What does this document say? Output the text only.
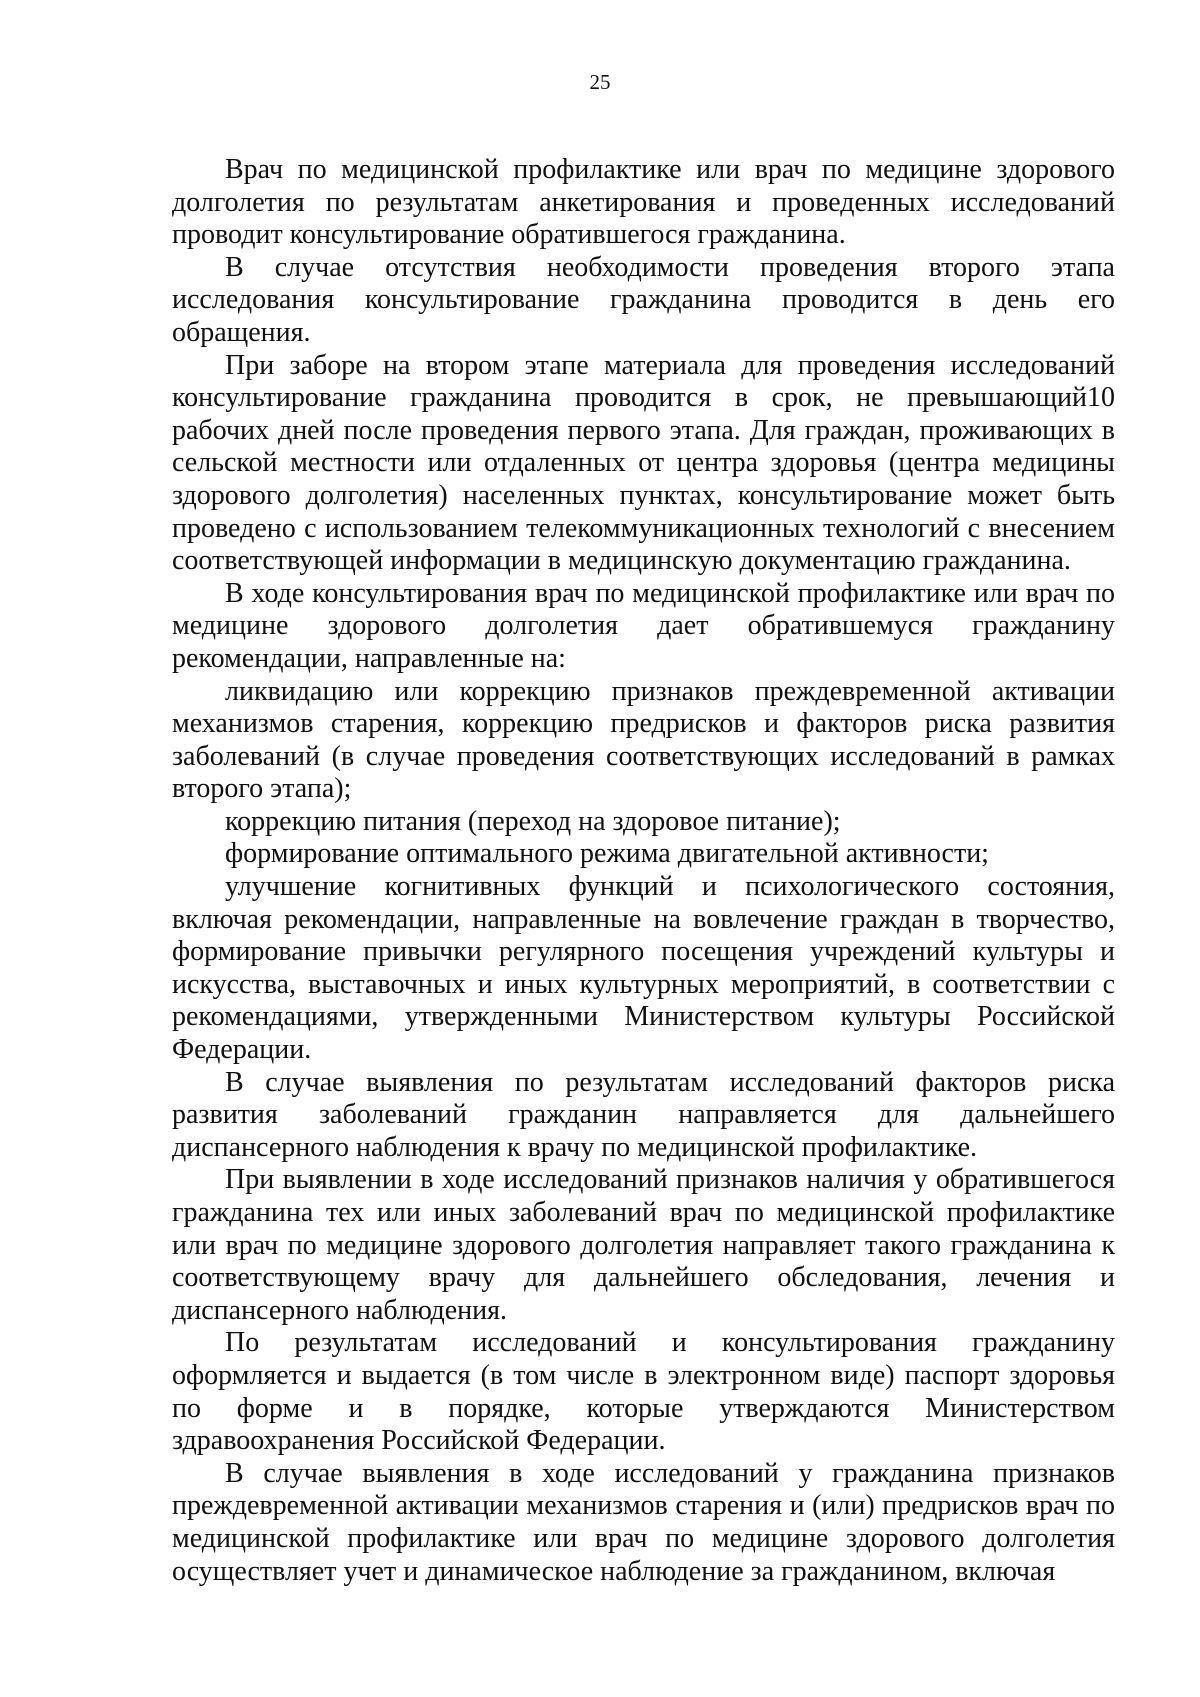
25

Врач по медицинской профилактике или врач по медицине здорового долголетия по результатам анкетирования и проведенных исследований проводит консультирование обратившегося гражданина.

В случае отсутствия необходимости проведения второго этапа исследования консультирование гражданина проводится в день его обращения.

При заборе на втором этапе материала для проведения исследований консультирование гражданина проводится в срок, не превышающий10 рабочих дней после проведения первого этапа. Для граждан, проживающих в сельской местности или отдаленных от центра здоровья (центра медицины здорового долголетия) населенных пунктах, консультирование может быть проведено с использованием телекоммуникационных технологий с внесением соответствующей информации в медицинскую документацию гражданина.

В ходе консультирования врач по медицинской профилактике или врач по медицине здорового долголетия дает обратившемуся гражданину рекомендации, направленные на:

ликвидацию или коррекцию признаков преждевременной активации механизмов старения, коррекцию предрисков и факторов риска развития заболеваний (в случае проведения соответствующих исследований в рамках второго этапа);

коррекцию питания (переход на здоровое питание);

формирование оптимального режима двигательной активности;

улучшение когнитивных функций и психологического состояния, включая рекомендации, направленные на вовлечение граждан в творчество, формирование привычки регулярного посещения учреждений культуры и искусства, выставочных и иных культурных мероприятий, в соответствии с рекомендациями, утвержденными Министерством культуры Российской Федерации.

В случае выявления по результатам исследований факторов риска развития заболеваний гражданин направляется для дальнейшего диспансерного наблюдения к врачу по медицинской профилактике.

При выявлении в ходе исследований признаков наличия у обратившегося гражданина тех или иных заболеваний врач по медицинской профилактике или врач по медицине здорового долголетия направляет такого гражданина к соответствующему врачу для дальнейшего обследования, лечения и диспансерного наблюдения.

По результатам исследований и консультирования гражданину оформляется и выдается (в том числе в электронном виде) паспорт здоровья по форме и в порядке, которые утверждаются Министерством здравоохранения Российской Федерации.

В случае выявления в ходе исследований у гражданина признаков преждевременной активации механизмов старения и (или) предрисков врач по медицинской профилактике или врач по медицине здорового долголетия осуществляет учет и динамическое наблюдение за гражданином, включая
